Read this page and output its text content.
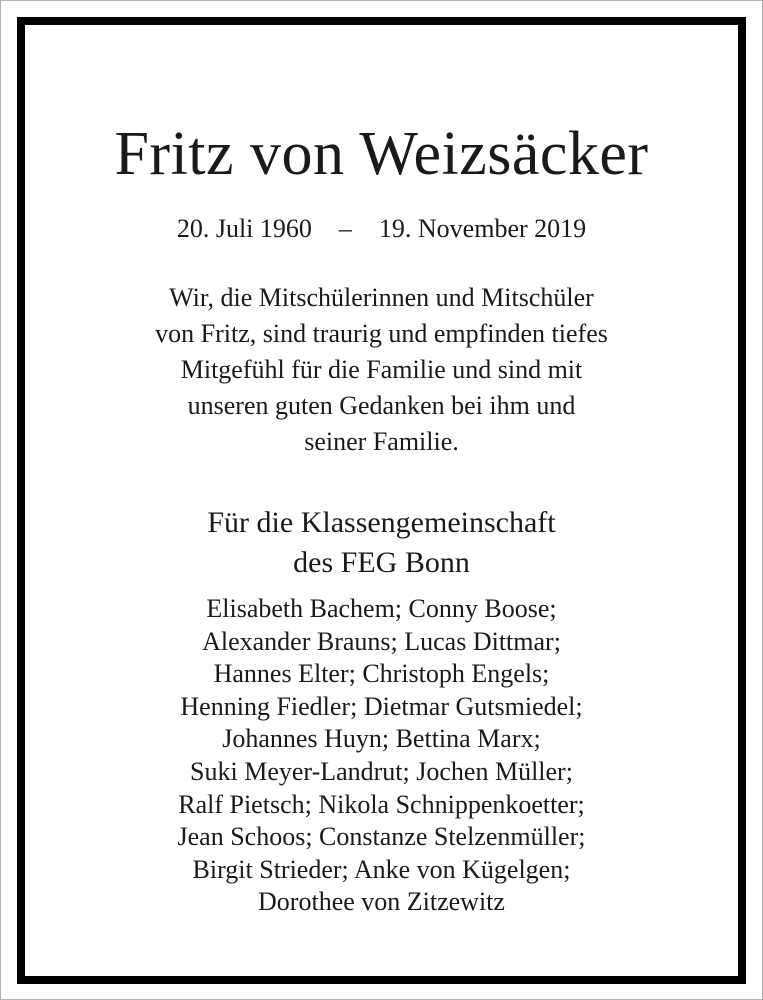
Fritz von Weizsäcker
20. Juli 1960 – 19. November 2019
Wir, die Mitschülerinnen und Mitschüler
von Fritz, sind traurig und empfinden tiefes
Mitgefühl für die Familie und sind mit
unseren guten Gedanken bei ihm und
seiner Familie.
Für die Klassengemeinschaft
des FEG Bonn
Elisabeth Bachem; Conny Boose;
Alexander Brauns; Lucas Dittmar;
Hannes Elter; Christoph Engels;
Henning Fiedler; Dietmar Gutsmiedel;
Johannes Huyn; Bettina Marx;
Suki Meyer-Landrut; Jochen Müller;
Ralf Pietsch; Nikola Schnippenkoetter;
Jean Schoos; Constanze Stelzenmüller;
Birgit Strieder; Anke von Kügelgen;
Dorothee von Zitzewitz
